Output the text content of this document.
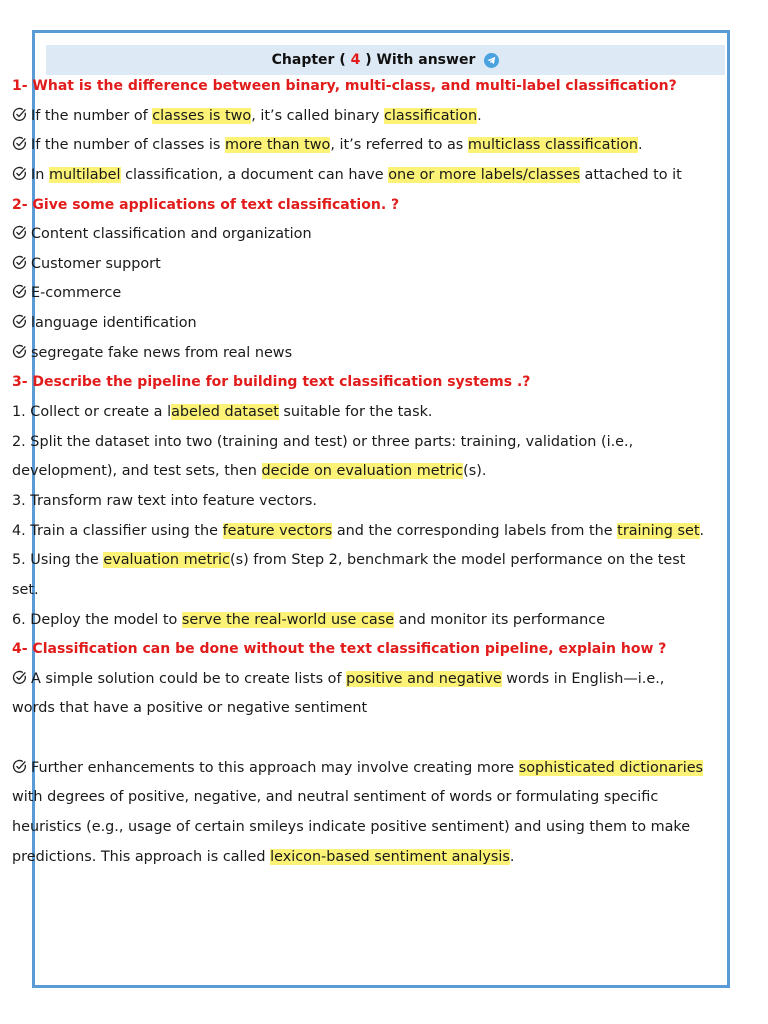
Chapter ( 4 ) With answer
1- What is the difference between binary, multi-class, and multi-label classification?
If the number of classes is two, it’s called binary classification.
If the number of classes is more than two, it’s referred to as multiclass classification.
In multilabel classification, a document can have one or more labels/classes attached to it
2- Give some applications of text classification. ?
Content classification and organization
Customer support
E-commerce
language identification
segregate fake news from real news
3- Describe the pipeline for building text classification systems .?
1. Collect or create a labeled dataset suitable for the task.
2. Split the dataset into two (training and test) or three parts: training, validation (i.e.,
development), and test sets, then decide on evaluation metric(s).
3. Transform raw text into feature vectors.
4. Train a classifier using the feature vectors and the corresponding labels from the training set.
5. Using the evaluation metric(s) from Step 2, benchmark the model performance on the test
set.
6. Deploy the model to serve the real-world use case and monitor its performance
4- Classification can be done without the text classification pipeline, explain how ?
A simple solution could be to create lists of positive and negative words in English—i.e.,
words that have a positive or negative sentiment
Further enhancements to this approach may involve creating more sophisticated dictionaries
with degrees of positive, negative, and neutral sentiment of words or formulating specific
heuristics (e.g., usage of certain smileys indicate positive sentiment) and using them to make
predictions. This approach is called lexicon-based sentiment analysis.
